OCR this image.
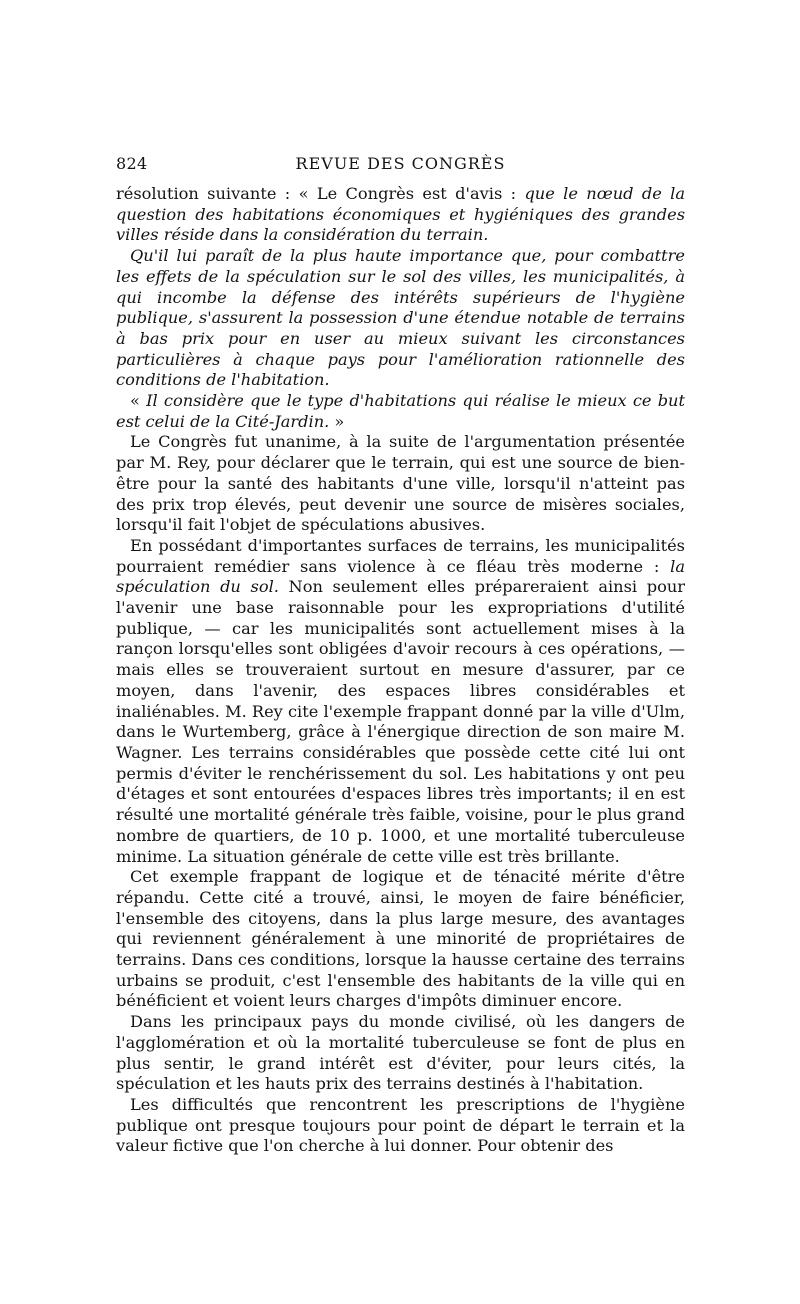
824	REVUE DES CONGRÈS

résolution suivante : « Le Congrès est d'avis : que le nœud de la question des habitations économiques et hygiéniques des grandes villes réside dans la considération du terrain.

Qu'il lui paraît de la plus haute importance que, pour combattre les effets de la spéculation sur le sol des villes, les municipalités, à qui incombe la défense des intérêts supérieurs de l'hygiène publique, s'assurent la possession d'une étendue notable de terrains à bas prix pour en user au mieux suivant les circonstances particulières à chaque pays pour l'amélioration rationnelle des conditions de l'habitation.

« Il considère que le type d'habitations qui réalise le mieux ce but est celui de la Cité-Jardin. »

Le Congrès fut unanime, à la suite de l'argumentation présentée par M. Rey, pour déclarer que le terrain, qui est une source de bien-être pour la santé des habitants d'une ville, lorsqu'il n'atteint pas des prix trop élevés, peut devenir une source de misères sociales, lorsqu'il fait l'objet de spéculations abusives.

En possédant d'importantes surfaces de terrains, les municipalités pourraient remédier sans violence à ce fléau très moderne : la spéculation du sol. Non seulement elles prépareraient ainsi pour l'avenir une base raisonnable pour les expropriations d'utilité publique, — car les municipalités sont actuellement mises à la rançon lorsqu'elles sont obligées d'avoir recours à ces opérations, — mais elles se trouveraient surtout en mesure d'assurer, par ce moyen, dans l'avenir, des espaces libres considérables et inaliénables. M. Rey cite l'exemple frappant donné par la ville d'Ulm, dans le Wurtemberg, grâce à l'énergique direction de son maire M. Wagner. Les terrains considérables que possède cette cité lui ont permis d'éviter le renchérissement du sol. Les habitations y ont peu d'étages et sont entourées d'espaces libres très importants; il en est résulté une mortalité générale très faible, voisine, pour le plus grand nombre de quartiers, de 10 p. 1000, et une mortalité tuberculeuse minime. La situation générale de cette ville est très brillante.

Cet exemple frappant de logique et de ténacité mérite d'être répandu. Cette cité a trouvé, ainsi, le moyen de faire bénéficier, l'ensemble des citoyens, dans la plus large mesure, des avantages qui reviennent généralement à une minorité de propriétaires de terrains. Dans ces conditions, lorsque la hausse certaine des terrains urbains se produit, c'est l'ensemble des habitants de la ville qui en bénéficient et voient leurs charges d'impôts diminuer encore.

Dans les principaux pays du monde civilisé, où les dangers de l'agglomération et où la mortalité tuberculeuse se font de plus en plus sentir, le grand intérêt est d'éviter, pour leurs cités, la spéculation et les hauts prix des terrains destinés à l'habitation.

Les difficultés que rencontrent les prescriptions de l'hygiène publique ont presque toujours pour point de départ le terrain et la valeur fictive que l'on cherche à lui donner. Pour obtenir des
